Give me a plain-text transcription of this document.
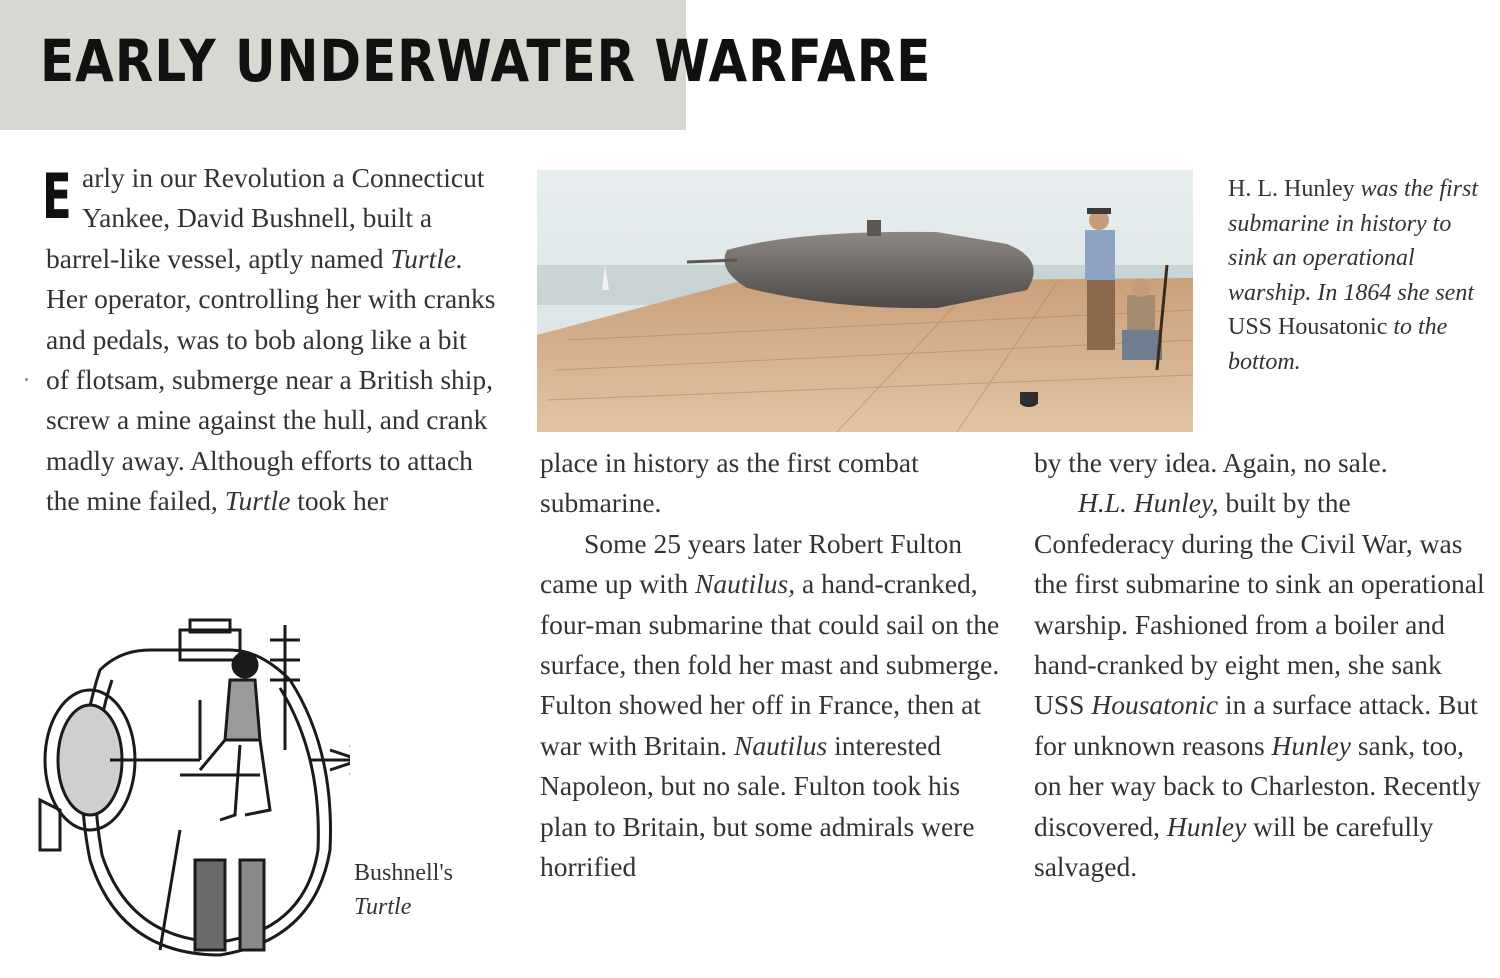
EARLY UNDERWATER WARFARE

Early in our Revolution a Connecticut Yankee, David Bushnell, built a barrel-like vessel, aptly named Turtle. Her operator, controlling her with cranks and pedals, was to bob along like a bit of flotsam, submerge near a British ship, screw a mine against the hull, and crank madly away. Although efforts to attach the mine failed, Turtle took her

H. L. Hunley was the first submarine in history to sink an operational warship. In 1864 she sent USS Housatonic to the bottom.

place in history as the first combat submarine.

Some 25 years later Robert Fulton came up with Nautilus, a hand-cranked, four-man submarine that could sail on the surface, then fold her mast and submerge. Fulton showed her off in France, then at war with Britain. Nautilus interested Napoleon, but no sale. Fulton took his plan to Britain, but some admirals were horrified

by the very idea. Again, no sale.

H.L. Hunley, built by the Confederacy during the Civil War, was the first submarine to sink an operational warship. Fashioned from a boiler and hand-cranked by eight men, she sank USS Housatonic in a surface attack. But for unknown reasons Hunley sank, too, on her way back to Charleston. Recently discovered, Hunley will be carefully salvaged.

Bushnell's
Turtle
